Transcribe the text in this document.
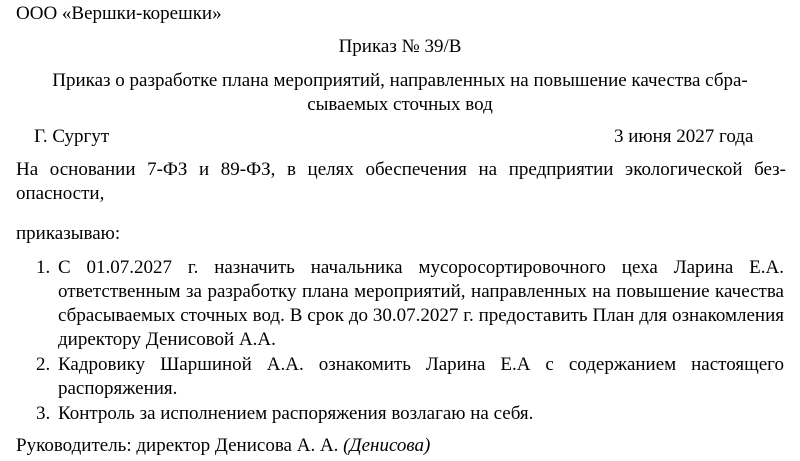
ООО «Вершки-корешки»
Приказ № 39/В
Приказ о разработке плана мероприятий, направленных на повышение качества сбра-
сываемых сточных вод
Г. Сургут	3 июня 2027 года
На основании 7-ФЗ и 89-ФЗ, в целях обеспечения на предприятии экологической без-опасности,
приказываю:
1. С 01.07.2027 г. назначить начальника мусоросортировочного цеха Ларина Е.А. ответственным за разработку плана мероприятий, направленных на повышение качества сбрасываемых сточных вод. В срок до 30.07.2027 г. предоставить План для ознакомления директору Денисовой А.А.
2. Кадровику Шаршиной А.А. ознакомить Ларина Е.А с содержанием настоящего распоряжения.
3. Контроль за исполнением распоряжения возлагаю на себя.
Руководитель: директор Денисова А. А. (Денисова)
